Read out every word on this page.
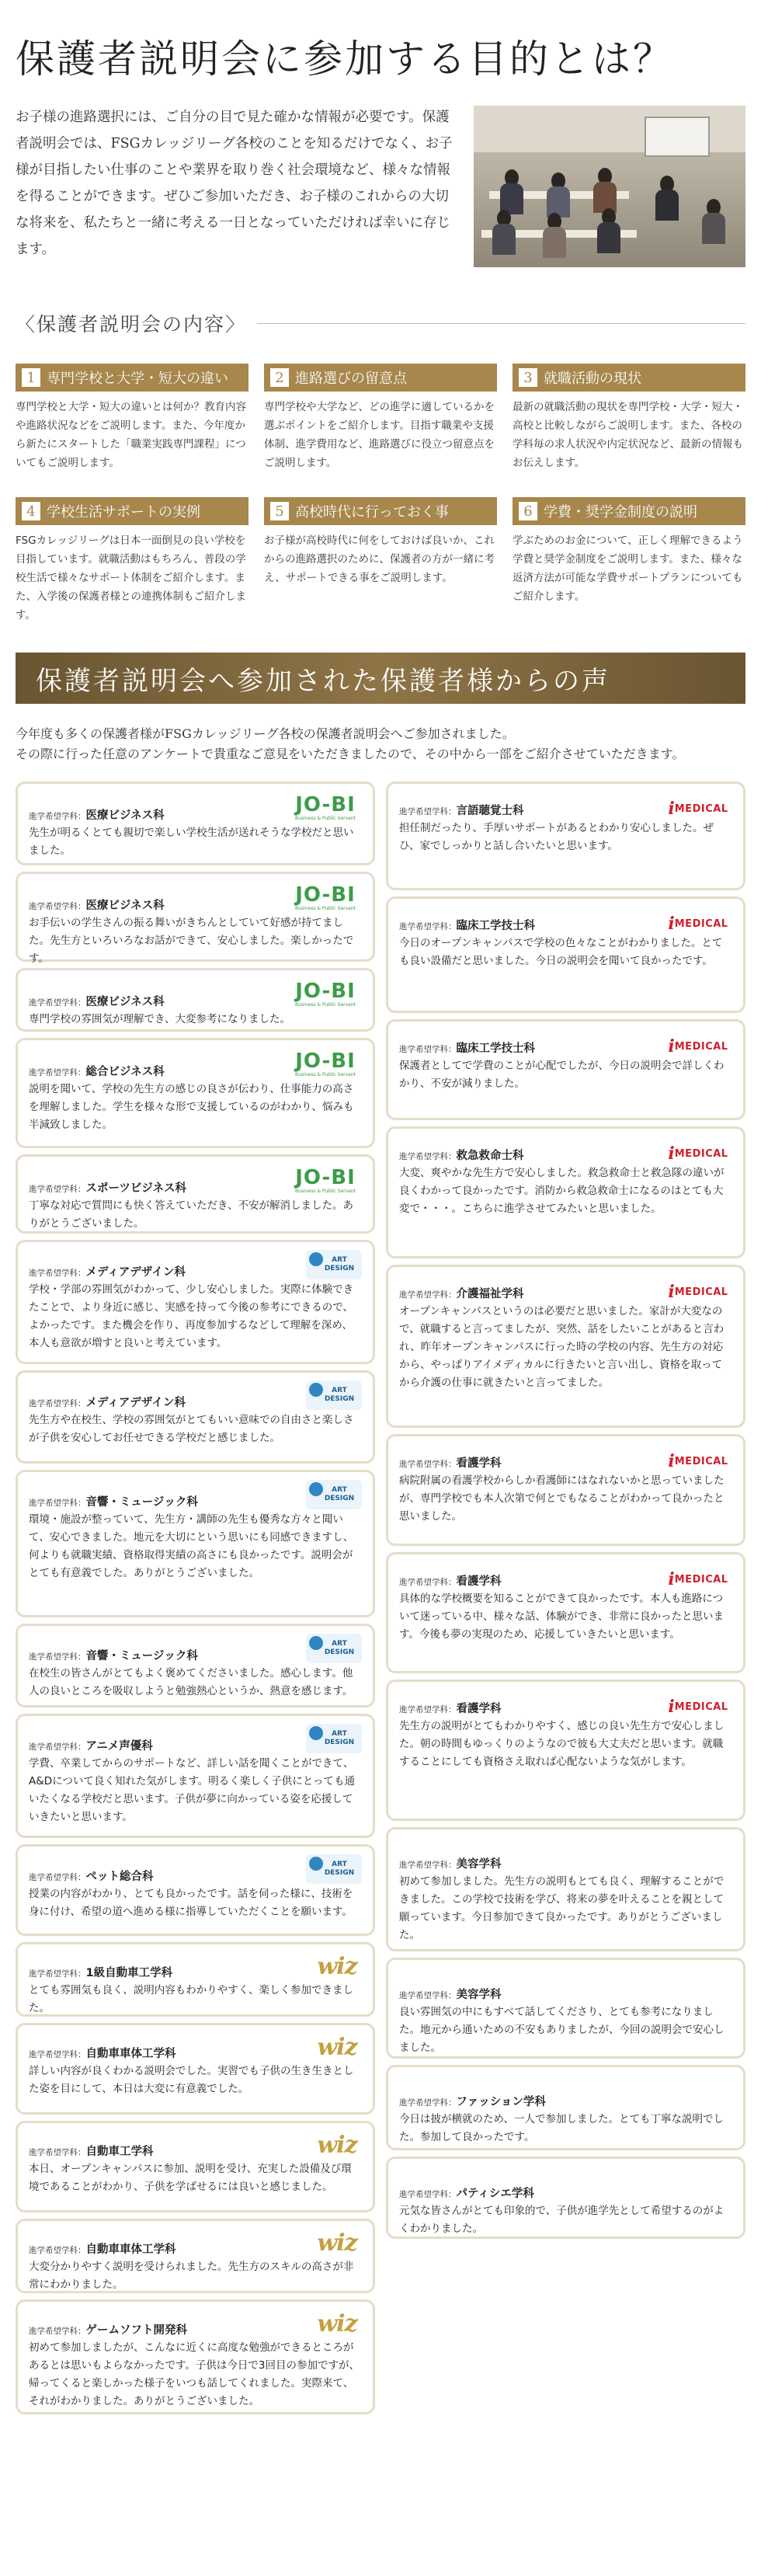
保護者説明会に参加する目的とは？

お子様の進路選択には、ご自分の目で見た確かな情報が必要です。保護者説明会では、FSGカレッジリーグ各校のことを知るだけでなく、お子様が目指したい仕事のことや業界を取り巻く社会環境など、様々な情報を得ることができます。ぜひご参加いただき、お子様のこれからの大切な将来を、私たちと一緒に考える一日となっていただければ幸いに存じます。

〈保護者説明会の内容〉
1 専門学校と大学・短大の違い

専門学校と大学・短大の違いとは何か？教育内容や進路状況などをご説明します。また、今年度から新たにスタートした「職業実践専門課程」についてもご説明します。

2 進路選びの留意点

専門学校や大学など、どの進学に適しているかを選ぶポイントをご紹介します。目指す職業や支援体制、進学費用など、進路選びに役立つ留意点をご説明します。

3 就職活動の現状

最新の就職活動の現状を専門学校・大学・短大・高校と比較しながらご説明します。また、各校の学科毎の求人状況や内定状況など、最新の情報もお伝えします。

4 学校生活サポートの実例

FSGカレッジリーグは日本一面倒見の良い学校を目指しています。就職活動はもちろん、普段の学校生活で様々なサポート体制をご紹介します。また、入学後の保護者様との連携体制もご紹介します。

5 高校時代に行っておく事

お子様が高校時代に何をしておけば良いか、これからの進路選択のために、保護者の方が一緒に考え、サポートできる事をご説明します。

6 学費・奨学金制度の説明

学ぶためのお金について、正しく理解できるよう学費と奨学金制度をご説明します。また、様々な返済方法が可能な学費サポートプランについてもご紹介します。

保護者説明会へ参加された保護者様からの声
今年度も多くの保護者様がFSGカレッジリーグ各校の保護者説明会へご参加されました。
その際に行った任意のアンケートで貴重なご意見をいただきましたので、その中から一部をご紹介させていただきます。
進学希望学科：医療ビジネス科	JO-BI
Business & Public Servant

先生が明るくとても親切で楽しい学校生活が送れそうな学校だと思いました。

進学希望学科：医療ビジネス科	JO-BI
Business & Public Servant

お手伝いの学生さんの振る舞いがきちんとしていて好感が持てました。先生方といろいろなお話ができて、安心しました。楽しかったです。

進学希望学科：医療ビジネス科	JO-BI
Business & Public Servant

専門学校の雰囲気が理解でき、大変参考になりました。

進学希望学科：総合ビジネス科	JO-BI
Business & Public Servant

説明を聞いて、学校の先生方の感じの良さが伝わり、仕事能力の高さを理解しました。学生を様々な形で支援しているのがわかり、悩みも半減致しました。

進学希望学科：スポーツビジネス科	JO-BI
Business & Public Servant

丁寧な対応で質問にも快く答えていただき、不安が解消しました。ありがとうございました。

進学希望学科：メディアデザイン科
ART
DESIGN

学校・学部の雰囲気がわかって、少し安心しました。実際に体験できたことで、より身近に感じ、実感を持って今後の参考にできるので、よかったです。また機会を作り、再度参加するなどして理解を深め、本人も意欲が増すと良いと考えています。

進学希望学科：メディアデザイン科
ART
DESIGN

先生方や在校生、学校の雰囲気がとてもいい意味での自由さと楽しさが子供を安心してお任せできる学校だと感じました。

進学希望学科：音響・ミュージック科
ART
DESIGN

環境・施設が整っていて、先生方・講師の先生も優秀な方々と聞いて、安心できました。地元を大切にという思いにも同感できますし、何よりも就職実績、資格取得実績の高さにも良かったです。説明会がとても有意義でした。ありがとうございました。

進学希望学科：音響・ミュージック科
ART
DESIGN

在校生の皆さんがとてもよく褒めてくださいました。感心します。他人の良いところを吸収しようと勉強熱心というか、熱意を感じます。

進学希望学科：アニメ声優科
ART
DESIGN

学費、卒業してからのサポートなど、詳しい話を聞くことができて、A&Dについて良く知れた気がします。明るく楽しく子供にとっても通いたくなる学校だと思います。子供が夢に向かっている姿を応援していきたいと思います。

進学希望学科：ペット総合科
ART
DESIGN

授業の内容がわかり、とても良かったです。話を伺った様に、技術を身に付け、希望の道へ進める様に指導していただくことを願います。

進学希望学科：1級自動車工学科	wiz

とても雰囲気も良く、説明内容もわかりやすく、楽しく参加できました。

進学希望学科：自動車車体工学科	wiz

詳しい内容が良くわかる説明会でした。実習でも子供の生き生きとした姿を目にして、本日は大変に有意義でした。

進学希望学科：自動車工学科	wiz

本日、オープンキャンパスに参加、説明を受け、充実した設備及び環境であることがわかり、子供を学ばせるには良いと感じました。

進学希望学科：自動車車体工学科	wiz

大変分かりやすく説明を受けられました。先生方のスキルの高さが非常にわかりました。

進学希望学科：ゲームソフト開発科	wiz

初めて参加しましたが、こんなに近くに高度な勉強ができるところがあるとは思いもよらなかったです。子供は今日で3回目の参加ですが、帰ってくると楽しかった様子をいつも話してくれました。実際来て、それがわかりました。ありがとうございました。

進学希望学科：言語聴覚士科	i MEDICAL

担任制だったり、手厚いサポートがあるとわかり安心しました。ぜひ、家でしっかりと話し合いたいと思います。

進学希望学科：臨床工学技士科	i MEDICAL

今日のオープンキャンパスで学校の色々なことがわかりました。とても良い設備だと思いました。今日の説明会を聞いて良かったです。

進学希望学科：臨床工学技士科	i MEDICAL

保護者としてで学費のことが心配でしたが、今日の説明会で詳しくわかり、不安が減りました。

進学希望学科：救急救命士科	i MEDICAL

大変、爽やかな先生方で安心しました。救急救命士と救急隊の違いが良くわかって良かったです。消防から救急救命士になるのはとても大変で・・・。こちらに進学させてみたいと思いました。

進学希望学科：介護福祉学科	i MEDICAL

オープンキャンパスというのは必要だと思いました。家計が大変なので、就職すると言ってましたが、突然、話をしたいことがあると言われ、昨年オープンキャンパスに行った時の学校の内容、先生方の対応から、やっぱりアイメディカルに行きたいと言い出し、資格を取ってから介護の仕事に就きたいと言ってました。

進学希望学科：看護学科	i MEDICAL

病院附属の看護学校からしか看護師にはなれないかと思っていましたが、専門学校でも本人次第で何とでもなることがわかって良かったと思いました。

進学希望学科：看護学科	i MEDICAL

具体的な学校概要を知ることができて良かったです。本人も進路について迷っている中、様々な話、体験ができ、非常に良かったと思います。今後も夢の実現のため、応援していきたいと思います。

進学希望学科：看護学科	i MEDICAL

先生方の説明がとてもわかりやすく、感じの良い先生方で安心しました。朝の時間もゆっくりのようなので彼も大丈夫だと思います。就職することにしても資格さえ取れば心配ないような気がします。

進学希望学科：美容学科

初めて参加しました。先生方の説明もとても良く、理解することができました。この学校で技術を学び、将来の夢を叶えることを親として願っています。今日参加できて良かったです。ありがとうございました。

進学希望学科：美容学科

良い雰囲気の中にもすべて話してくださり、とても参考になりました。地元から通いための不安もありましたが、今回の説明会で安心しました。

進学希望学科：ファッション学科

今日は披が横就のため、一人で参加しました。とても丁寧な説明でした。参加して良かったです。

進学希望学科：パティシエ学科

元気な皆さんがとても印象的で、子供が進学先として希望するのがよくわかりました。
